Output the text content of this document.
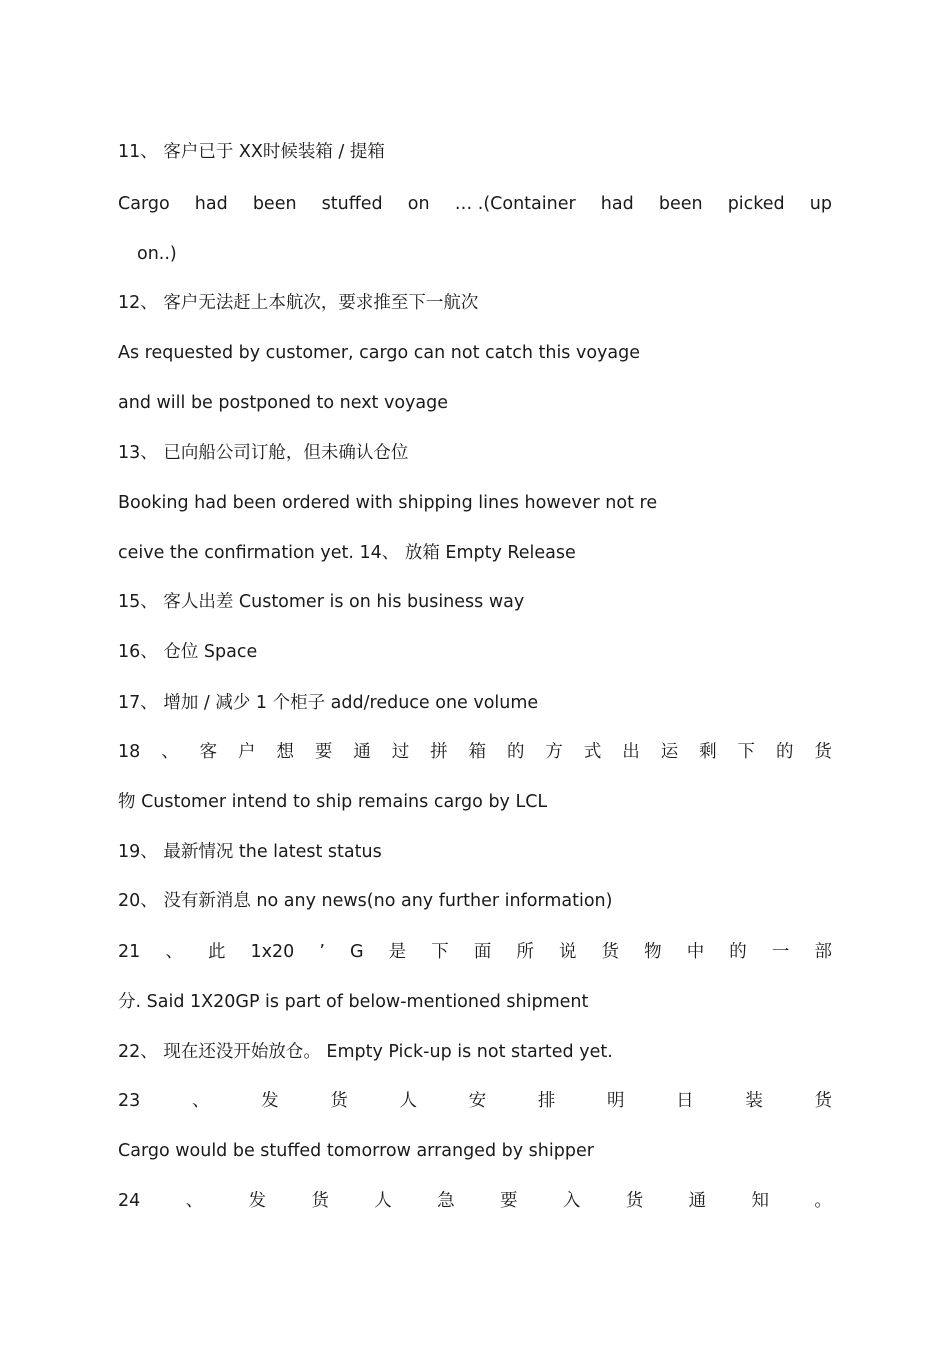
11、 客户已于 XX时候装箱 / 提箱
Cargo had been stuffed on … .(Container had been picked up
on..)
12、 客户无法赶上本航次，要求推至下一航次
As requested by customer, cargo can not catch this voyage
and will be postponed to next voyage
13、 已向船公司订舱，但未确认仓位
Booking had been ordered with shipping lines however not re
ceive the confirmation yet. 14、 放箱 Empty Release
15、 客人出差 Customer is on his business way
16、 仓位 Space
17、 增加 / 减少 1 个柜子 add/reduce one volume
18 、 客 户 想 要 通 过 拼 箱 的 方 式 出 运 剩 下 的 货
物 Customer intend to ship remains cargo by LCL
19、 最新情况 the latest status
20、 没有新消息 no any news(no any further information)
21 、 此 1x20 ’ G 是 下 面 所 说 货 物 中 的 一 部
分. Said 1X20GP is part of below-mentioned shipment
22、 现在还没开始放仓。 Empty Pick-up is not started yet.
23	、	发	货	人	安	排	明	日	装	货
Cargo would be stuffed tomorrow arranged by shipper
24	、	发	货	人	急	要	入	货	通	知	。
